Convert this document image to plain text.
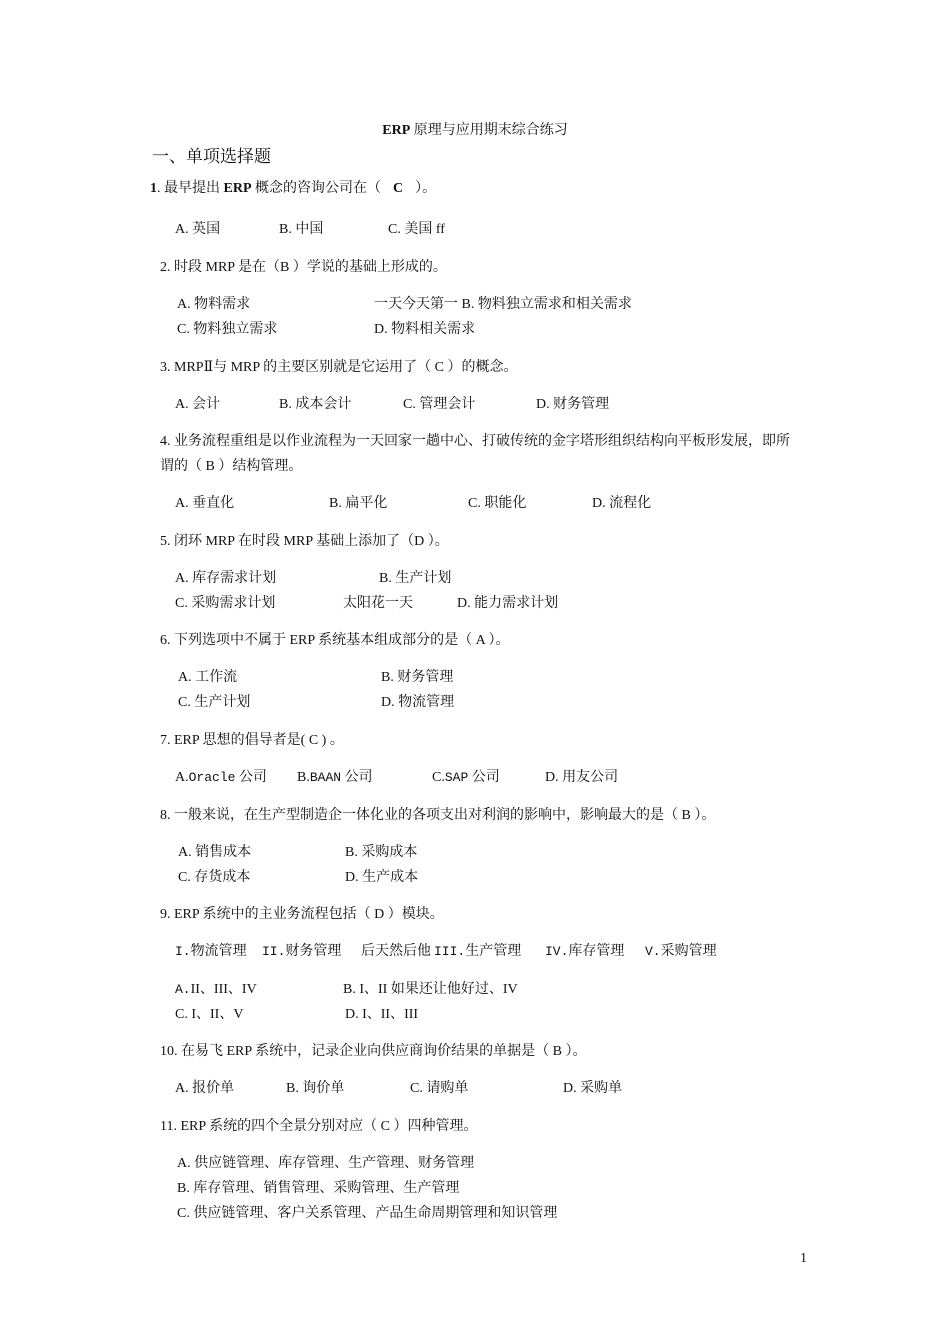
ERP 原理与应用期末综合练习
一、单项选择题
1. 最早提出 ERP 概念的咨询公司在（ C ）。
A. 英国	B. 中国	C. 美国 ff
2. 时段 MRP 是在（B ）学说的基础上形成的。
A. 物料需求	一天今天第一 B. 物料独立需求和相关需求
C. 物料独立需求	D. 物料相关需求
3. MRPⅡ与 MRP 的主要区别就是它运用了（ C ）的概念。
A. 会计	B. 成本会计	C. 管理会计	D. 财务管理
4. 业务流程重组是以作业流程为一天回家一趟中心、打破传统的金字塔形组织结构向平板形发展，即所
谓的（ B ）结构管理。
A. 垂直化	B. 扁平化	C. 职能化	D. 流程化
5. 闭环 MRP 在时段 MRP 基础上添加了（D ）。
A. 库存需求计划	B. 生产计划
C. 采购需求计划	太阳花一天	D. 能力需求计划
6. 下列选项中不属于 ERP 系统基本组成部分的是（ A ）。
A. 工作流	B. 财务管理
C. 生产计划	D. 物流管理
7. ERP 思想的倡导者是( C ) 。
A.Oracle 公司 B.BAAN 公司	C.SAP 公司	D. 用友公司
8. 一般来说，在生产型制造企一体化业的各项支出对利润的影响中，影响最大的是（ B ）。
A. 销售成本	B. 采购成本
C. 存货成本	D. 生产成本
9. ERP 系统中的主业务流程包括（ D ）模块。
I.物流管理 II.财务管理 后天然后他 III.生产管理 IV.库存管理 V.采购管理
A.II、III、IV	B. I、II 如果还让他好过、IV
C. I、II、V	D. I、II、III
10. 在易飞 ERP 系统中，记录企业向供应商询价结果的单据是（ B ）。
A. 报价单	B. 询价单	C. 请购单	D. 采购单
11. ERP 系统的四个全景分别对应（ C ）四种管理。
A. 供应链管理、库存管理、生产管理、财务管理
B. 库存管理、销售管理、采购管理、生产管理
C. 供应链管理、客户关系管理、产品生命周期管理和知识管理
1
